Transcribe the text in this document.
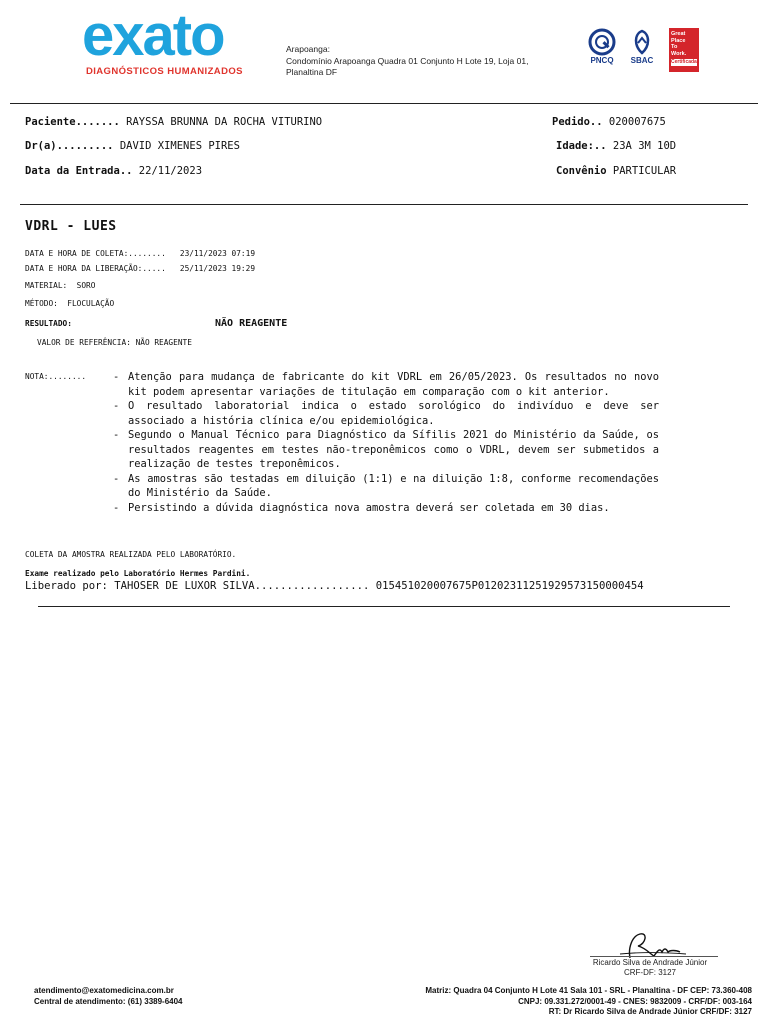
exato
DIAGNÓSTICOS HUMANIZADOS
Arapoanga:
Condomínio Arapoanga Quadra 01 Conjunto H Lote 19, Loja 01,
Planaltina DF
PNCQ	SBAC
Great
Place
To
Work.
Certificada
Paciente....... RAYSSA BRUNNA DA ROCHA VITURINO
Dr(a)......... DAVID XIMENES PIRES
Data da Entrada.. 22/11/2023
Pedido.. 020007675
Idade:.. 23A 3M 10D
Convênio PARTICULAR
VDRL - LUES
DATA E HORA DE COLETA:........   23/11/2023 07:19
DATA E HORA DA LIBERAÇÃO:.....   25/11/2023 19:29
MATERIAL:  SORO
MÉTODO:  FLOCULAÇÃO
RESULTADO:	NÃO REAGENTE
VALOR DE REFERÊNCIA: NÃO REAGENTE
NOTA:........	- Atenção para mudança de fabricante do kit VDRL em 26/05/2023. Os resultados no novo kit podem apresentar variações de titulação em comparação com o kit anterior.
- O resultado laboratorial indica o estado sorológico do indivíduo e deve ser associado a história clínica e/ou epidemiológica.
- Segundo o Manual Técnico para Diagnóstico da Sífilis 2021 do Ministério da Saúde, os resultados reagentes em testes não-treponêmicos como o VDRL, devem ser submetidos a realização de testes treponêmicos.
- As amostras são testadas em diluição (1:1) e na diluição 1:8, conforme recomendações do Ministério da Saúde.
- Persistindo a dúvida diagnóstica nova amostra deverá ser coletada em 30 dias.
COLETA DA AMOSTRA REALIZADA PELO LABORATÓRIO.
Exame realizado pelo Laboratório Hermes Pardini.
Liberado por: TAHOSER DE LUXOR SILVA.................. 015451020007675P01202311251929573150000454
Ricardo Silva de Andrade Júnior
CRF-DF: 3127
atendimento@exatomedicina.com.br
Central de atendimento: (61) 3389-6404
Matriz: Quadra 04 Conjunto H Lote 41 Sala 101 - SRL - Planaltina - DF CEP: 73.360-408
CNPJ: 09.331.272/0001-49 - CNES: 9832009 - CRF/DF: 003-164
RT: Dr Ricardo Silva de Andrade Júnior CRF/DF: 3127
